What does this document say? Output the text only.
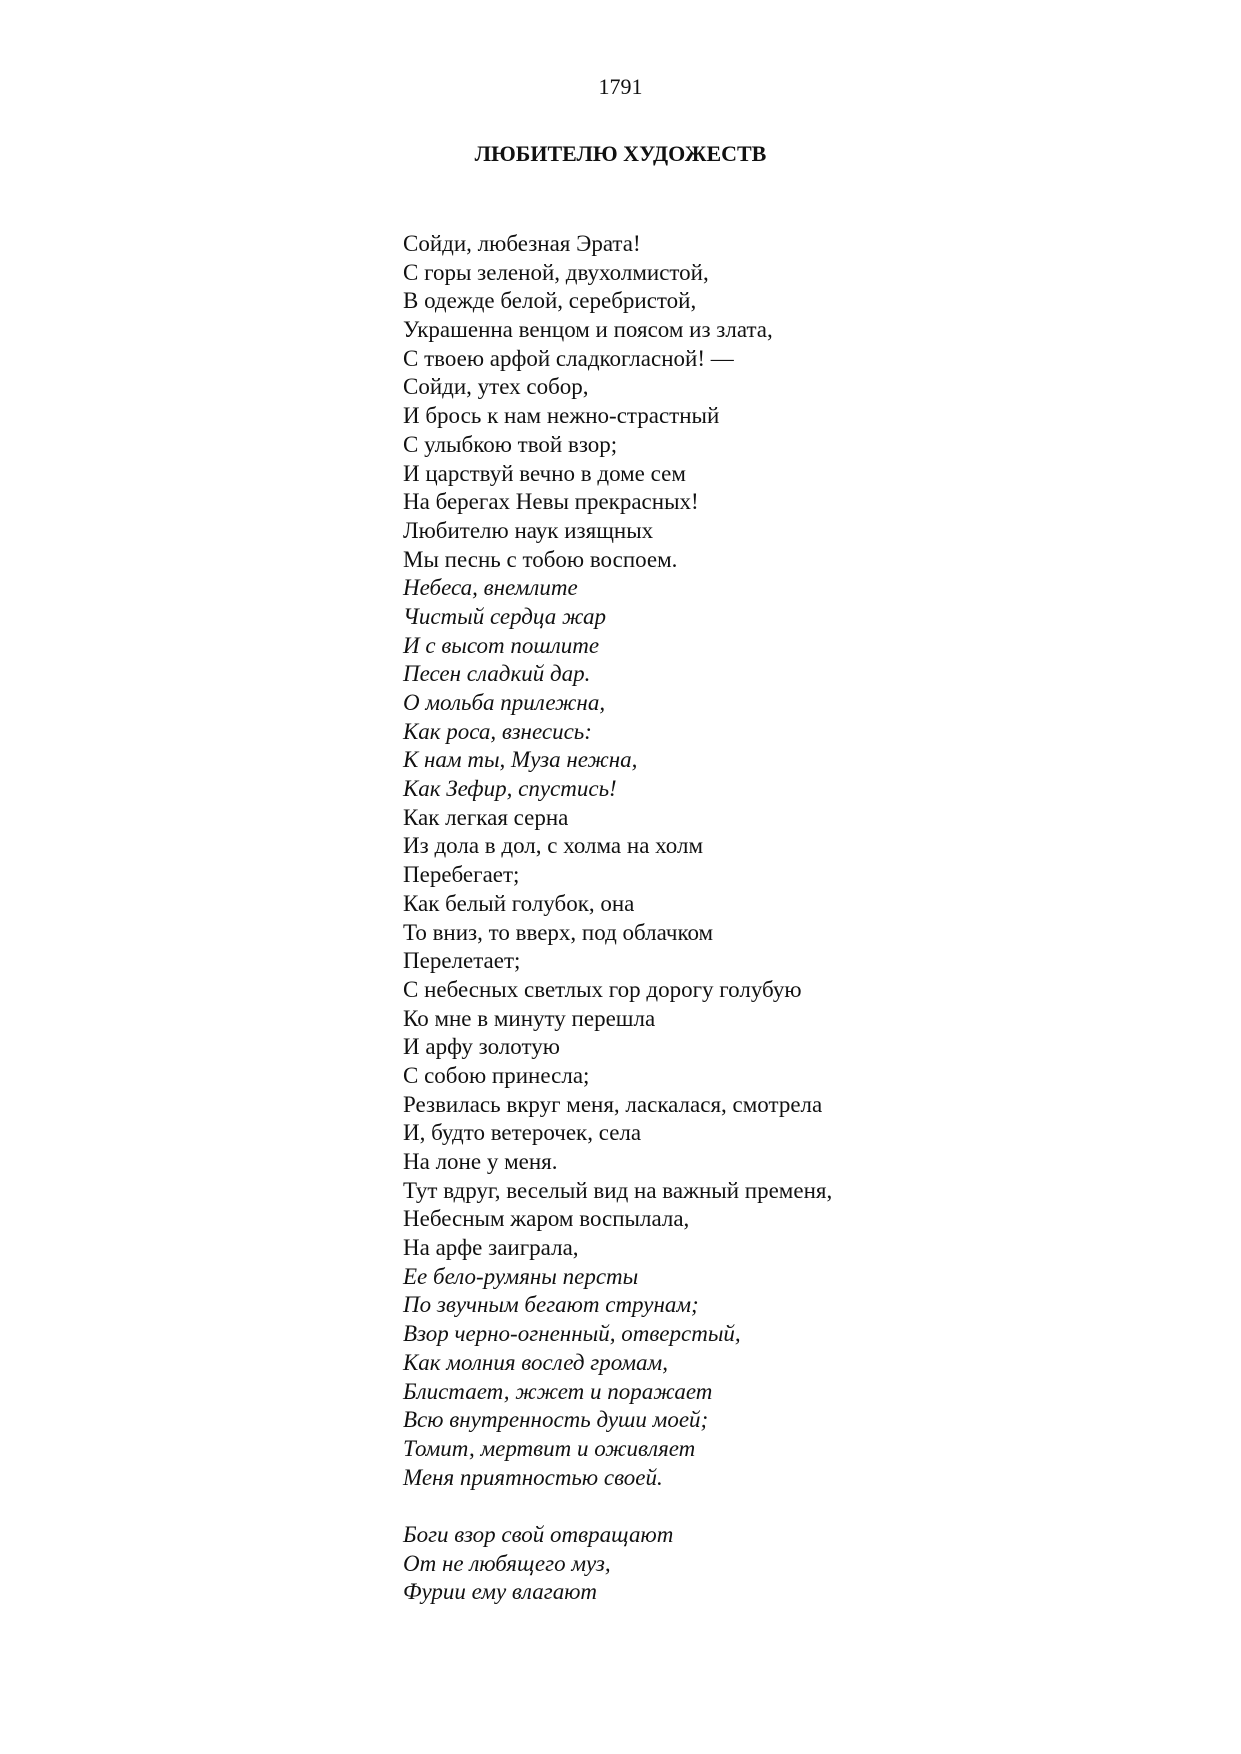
1791
ЛЮБИТЕЛЮ ХУДОЖЕСТВ
Сойди, любезная Эрата!
С горы зеленой, двухолмистой,
В одежде белой, серебристой,
Украшенна венцом и поясом из злата,
С твоею арфой сладкогласной! —
Сойди, утех собор,
И брось к нам нежно-страстный
С улыбкою твой взор;
И царствуй вечно в доме сем
На берегах Невы прекрасных!
Любителю наук изящных
Мы песнь с тобою воспоем.
Небеса, внемлите
Чистый сердца жар
И с высот пошлите
Песен сладкий дар.
О мольба прилежна,
Как роса, взнесись:
К нам ты, Муза нежна,
Как Зефир, спустись!
Как легкая серна
Из дола в дол, с холма на холм
Перебегает;
Как белый голубок, она
То вниз, то вверх, под облачком
Перелетает;
С небесных светлых гор дорогу голубую
Ко мне в минуту перешла
И арфу золотую
С собою принесла;
Резвилась вкруг меня, ласкалася, смотрела
И, будто ветерочек, села
На лоне у меня.
Тут вдруг, веселый вид на важный пременя,
Небесным жаром воспылала,
На арфе заиграла,
Ее бело-румяны персты
По звучным бегают струнам;
Взор черно-огненный, отверстый,
Как молния вослед громам,
Блистает, жжет и поражает
Всю внутренность души моей;
Томит, мертвит и оживляет
Меня приятностью своей.
Боги взор свой отвращают
От не любящего муз,
Фурии ему влагают
